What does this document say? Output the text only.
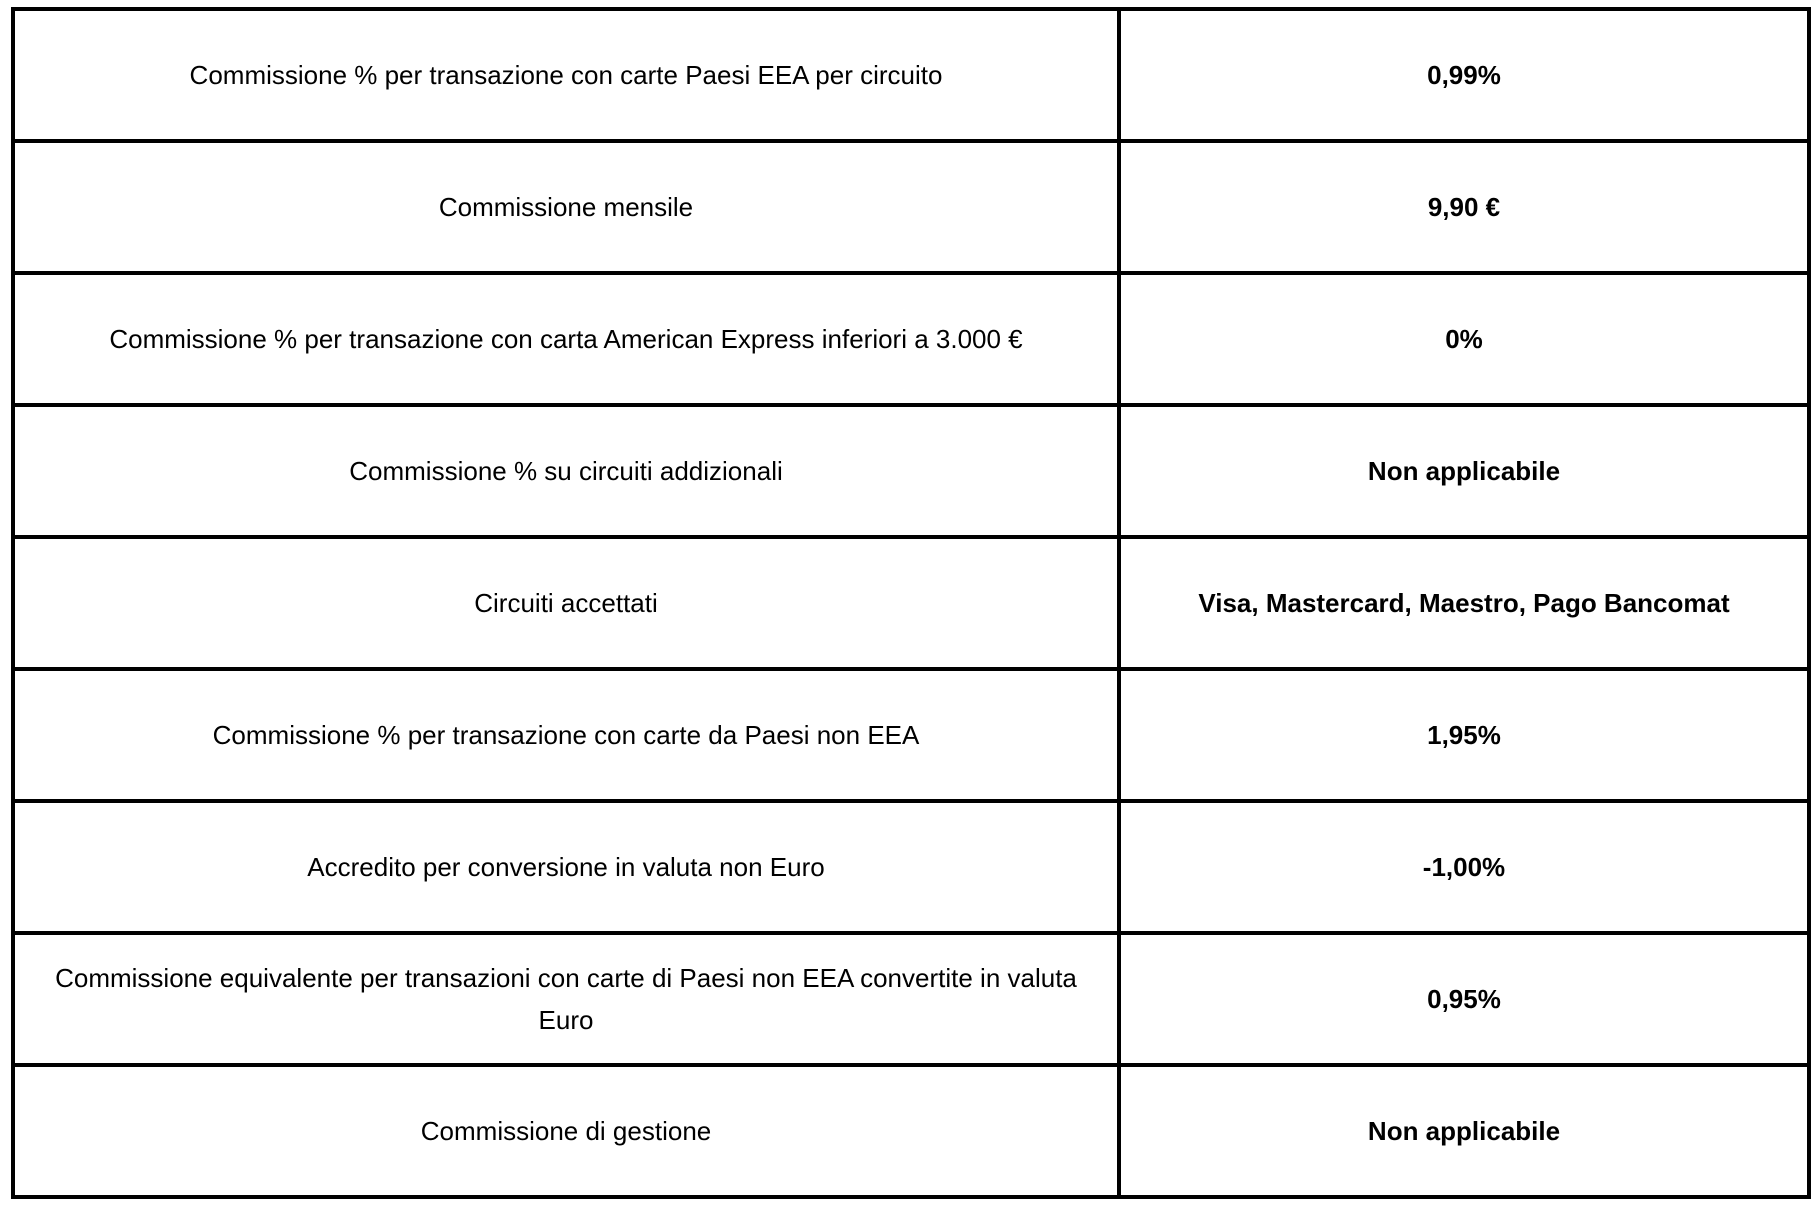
Commissione % per transazione con carte Paesi EEA per circuito	0,99%
Commissione mensile	9,90 €
Commissione % per transazione con carta American Express inferiori a 3.000 €	0%
Commissione % su circuiti addizionali	Non applicabile
Circuiti accettati	Visa, Mastercard, Maestro, Pago Bancomat
Commissione % per transazione con carte da Paesi non EEA	1,95%
Accredito per conversione in valuta non Euro	-1,00%
Commissione equivalente per transazioni con carte di Paesi non EEA convertite in valuta Euro	0,95%
Commissione di gestione	Non applicabile
